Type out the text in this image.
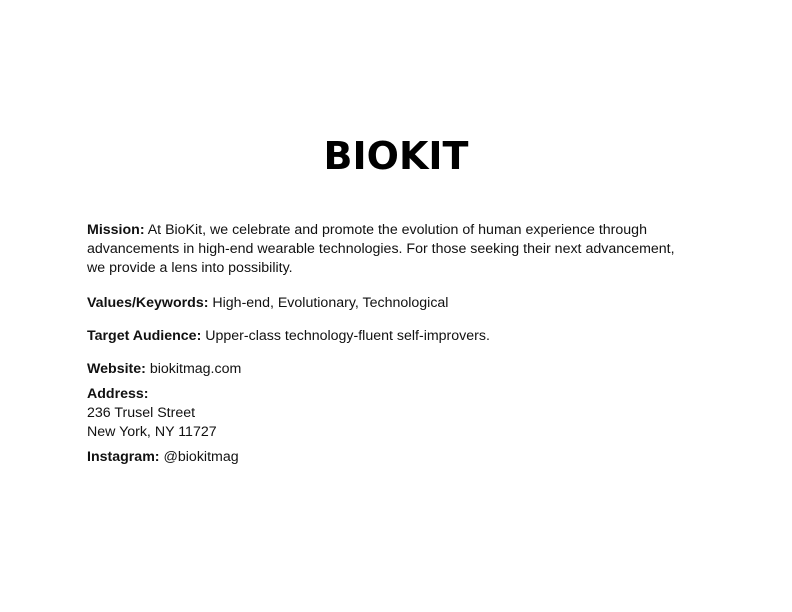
BIOKIT

Mission: At BioKit, we celebrate and promote the evolution of human experience through advancements in high-end wearable technologies. For those seeking their next advancement, we provide a lens into possibility.

Values/Keywords: High-end, Evolutionary, Technological

Target Audience: Upper-class technology-fluent self-improvers.

Website: biokitmag.com

Address:
236 Trusel Street
New York, NY 11727

Instagram: @biokitmag
